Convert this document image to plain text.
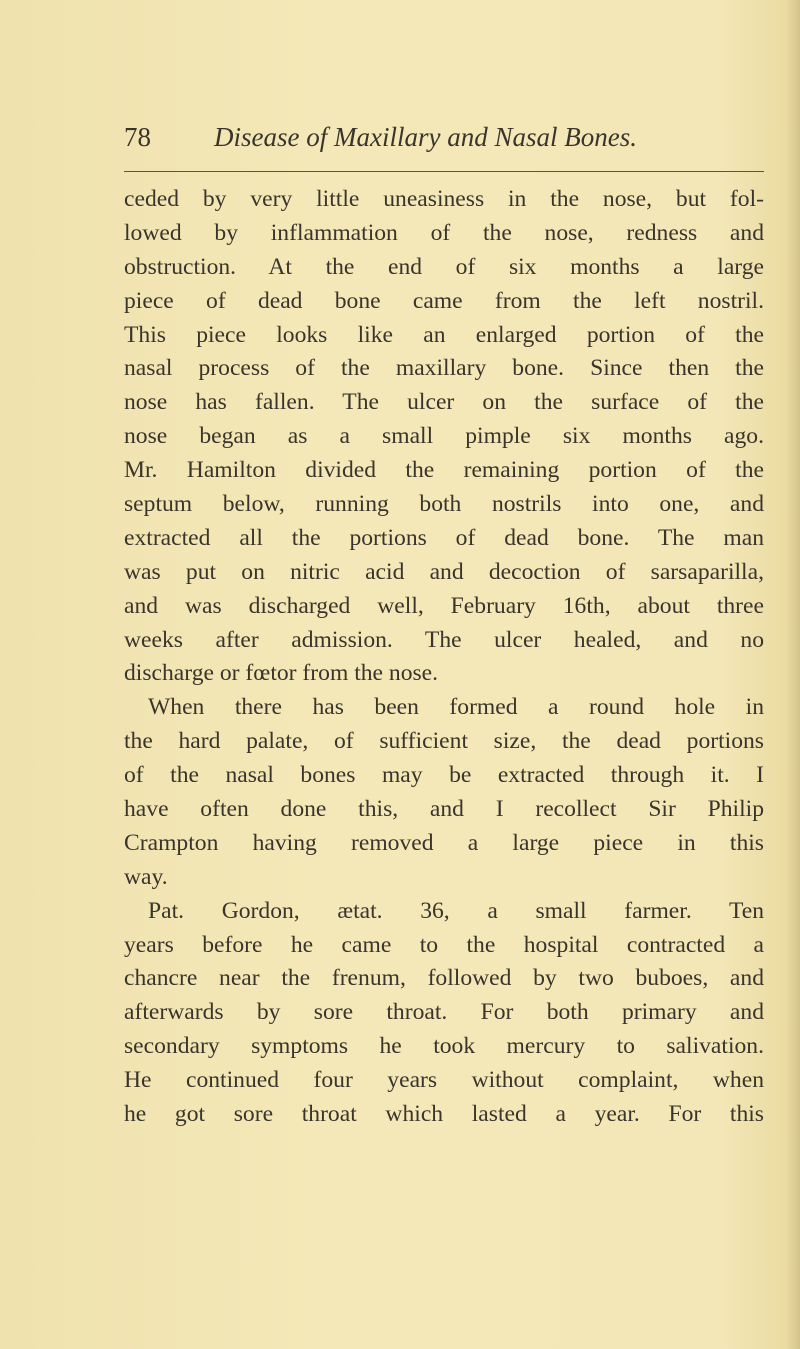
78 Disease of Maxillary and Nasal Bones.
ceded by very little uneasiness in the nose, but fol-
lowed by inflammation of the nose, redness and
obstruction. At the end of six months a large
piece of dead bone came from the left nostril.
This piece looks like an enlarged portion of the
nasal process of the maxillary bone. Since then the
nose has fallen. The ulcer on the surface of the
nose began as a small pimple six months ago.
Mr. Hamilton divided the remaining portion of the
septum below, running both nostrils into one, and
extracted all the portions of dead bone. The man
was put on nitric acid and decoction of sarsaparilla,
and was discharged well, February 16th, about three
weeks after admission. The ulcer healed, and no
discharge or fœtor from the nose.
When there has been formed a round hole in
the hard palate, of sufficient size, the dead portions
of the nasal bones may be extracted through it. I
have often done this, and I recollect Sir Philip
Crampton having removed a large piece in this
way.
Pat. Gordon, ætat. 36, a small farmer. Ten
years before he came to the hospital contracted a
chancre near the frenum, followed by two buboes, and
afterwards by sore throat. For both primary and
secondary symptoms he took mercury to salivation.
He continued four years without complaint, when
he got sore throat which lasted a year. For this
